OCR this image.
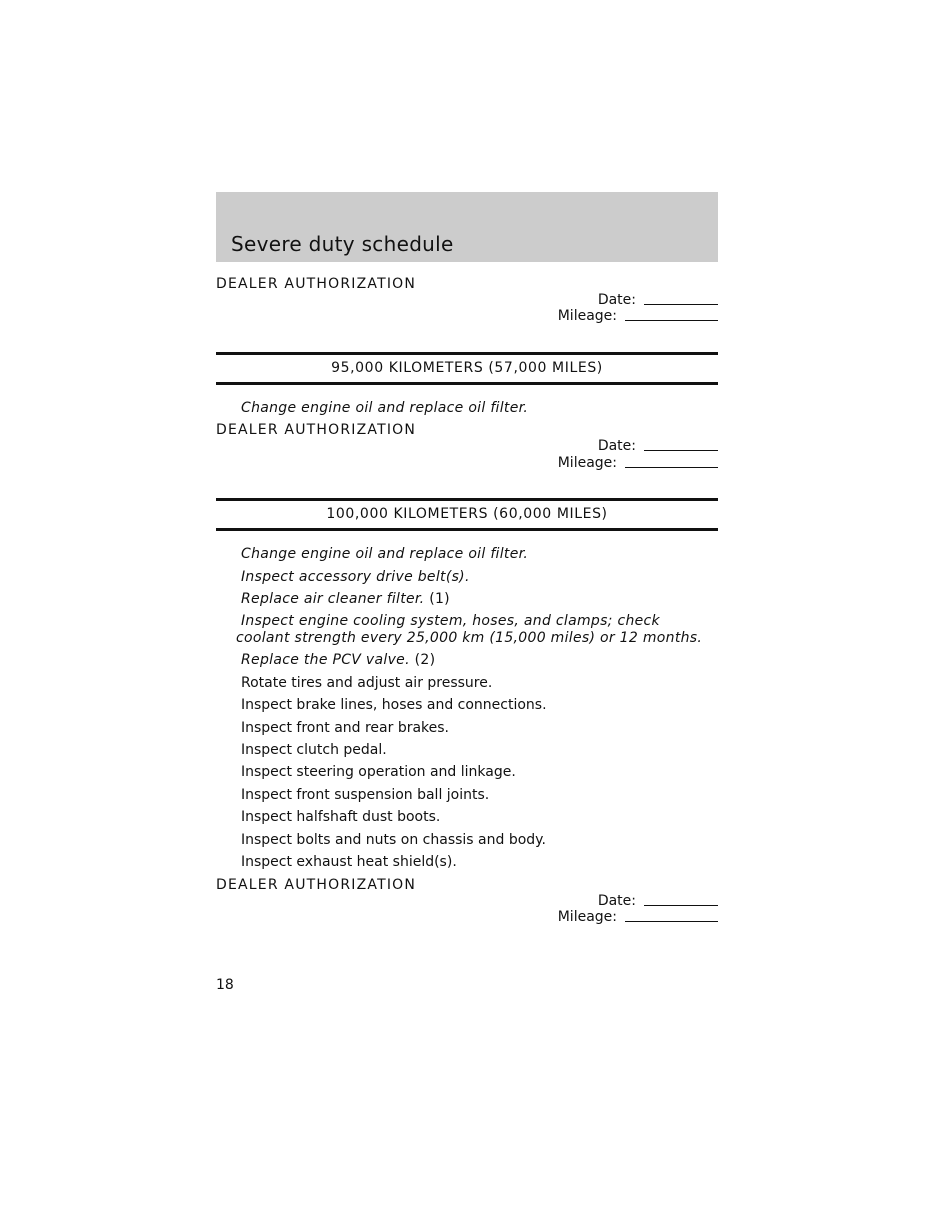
Severe duty schedule
DEALER AUTHORIZATION
Date:
Mileage:
95,000 KILOMETERS (57,000 MILES)
Change engine oil and replace oil filter.
DEALER AUTHORIZATION
Date:
Mileage:
100,000 KILOMETERS (60,000 MILES)
Change engine oil and replace oil filter.
Inspect accessory drive belt(s).
Replace air cleaner filter. (1)
Inspect engine cooling system, hoses, and clamps; check coolant strength every 25,000 km (15,000 miles) or 12 months.
Replace the PCV valve. (2)
Rotate tires and adjust air pressure.
Inspect brake lines, hoses and connections.
Inspect front and rear brakes.
Inspect clutch pedal.
Inspect steering operation and linkage.
Inspect front suspension ball joints.
Inspect halfshaft dust boots.
Inspect bolts and nuts on chassis and body.
Inspect exhaust heat shield(s).
DEALER AUTHORIZATION
Date:
Mileage:
18
